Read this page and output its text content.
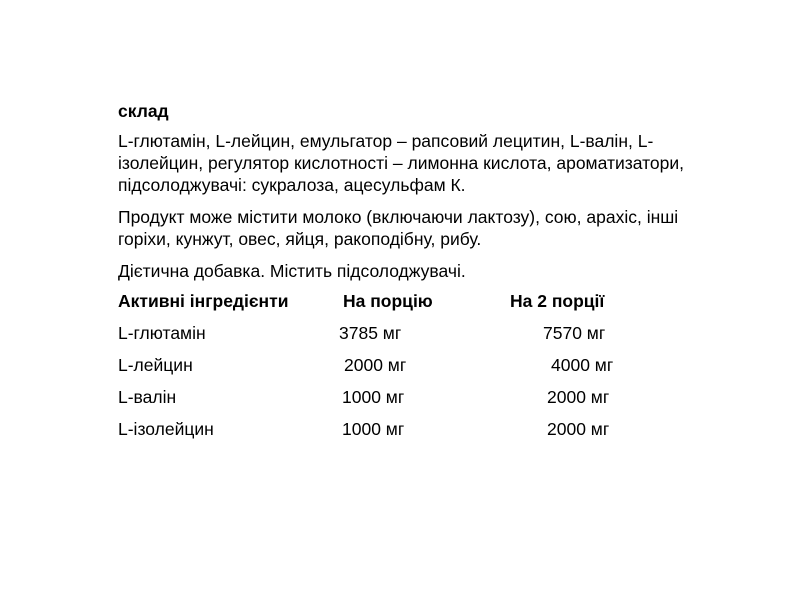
склад
L-глютамін, L-лейцин, емульгатор – рапсовий лецитин, L-валін, L-ізолейцин, регулятор кислотності – лимонна кислота, ароматизатори, підсолоджувачі: сукралоза, ацесульфам К.
Продукт може містити молоко (включаючи лактозу), сою, арахіс, інші горіхи, кунжут, овес, яйця, ракоподібну, рибу.
Дієтична добавка. Містить підсолоджувачі.
Активні інгредієнти	На порцію	На 2 порції
L-глютамін	3785 мг	7570 мг
L-лейцин	2000 мг	4000 мг
L-валін	1000 мг	2000 мг
L-ізолейцин	1000 мг	2000 мг
